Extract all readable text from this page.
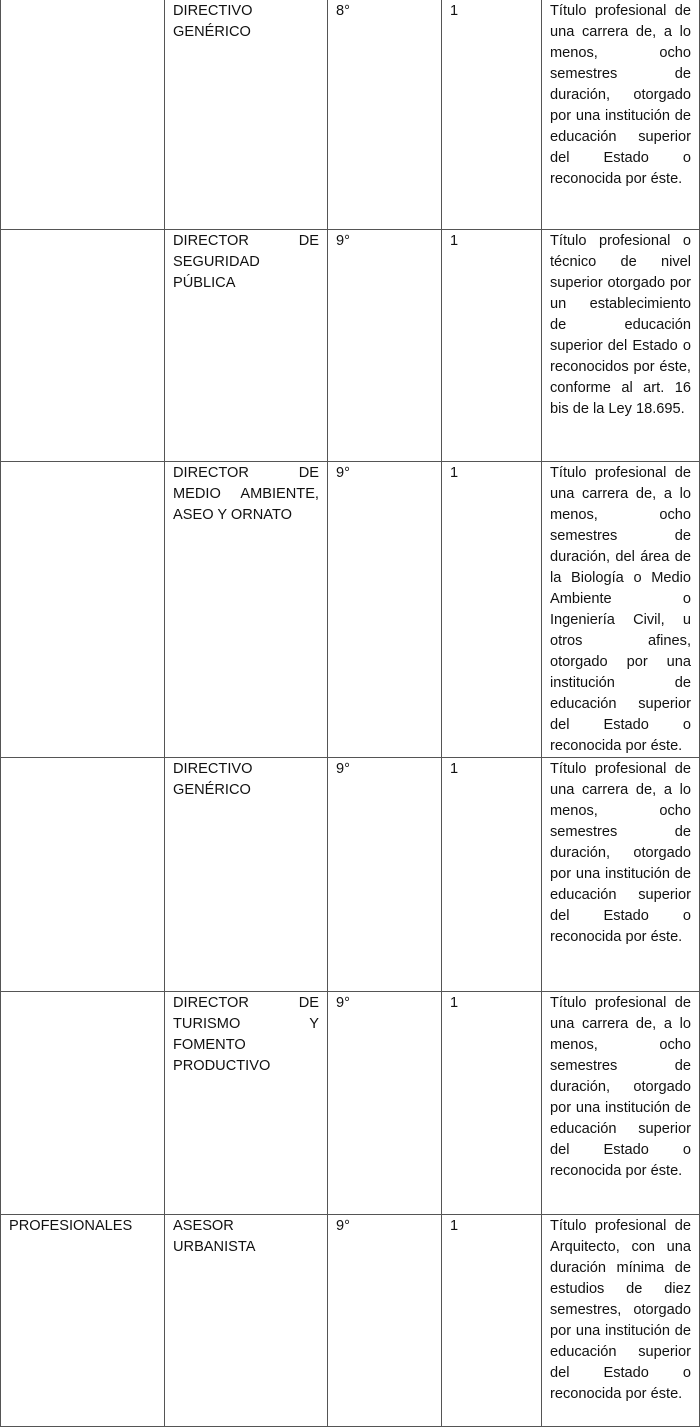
	DIRECTIVO GENÉRICO	8°	1	Título profesional de una carrera de, a lo menos, ocho semestres de duración, otorgado por una institución de educación superior del Estado o reconocida por éste.
	DIRECTOR DE SEGURIDAD PÚBLICA	9°	1	Título profesional o técnico de nivel superior otorgado por un establecimiento de educación superior del Estado o reconocidos por éste, conforme al art. 16 bis de la Ley 18.695.
	DIRECTOR DE MEDIO AMBIENTE, ASEO Y ORNATO	9°	1	Título profesional de una carrera de, a lo menos, ocho semestres de duración, del área de la Biología o Medio Ambiente o Ingeniería Civil, u otros afines, otorgado por una institución de educación superior del Estado o reconocida por éste.
	DIRECTIVO GENÉRICO	9°	1	Título profesional de una carrera de, a lo menos, ocho semestres de duración, otorgado por una institución de educación superior del Estado o reconocida por éste.
	DIRECTOR DE TURISMO Y FOMENTO PRODUCTIVO	9°	1	Título profesional de una carrera de, a lo menos, ocho semestres de duración, otorgado por una institución de educación superior del Estado o reconocida por éste.
PROFESIONALES	ASESOR URBANISTA	9°	1	Título profesional de Arquitecto, con una duración mínima de estudios de diez semestres, otorgado por una institución de educación superior del Estado o reconocida por éste.
